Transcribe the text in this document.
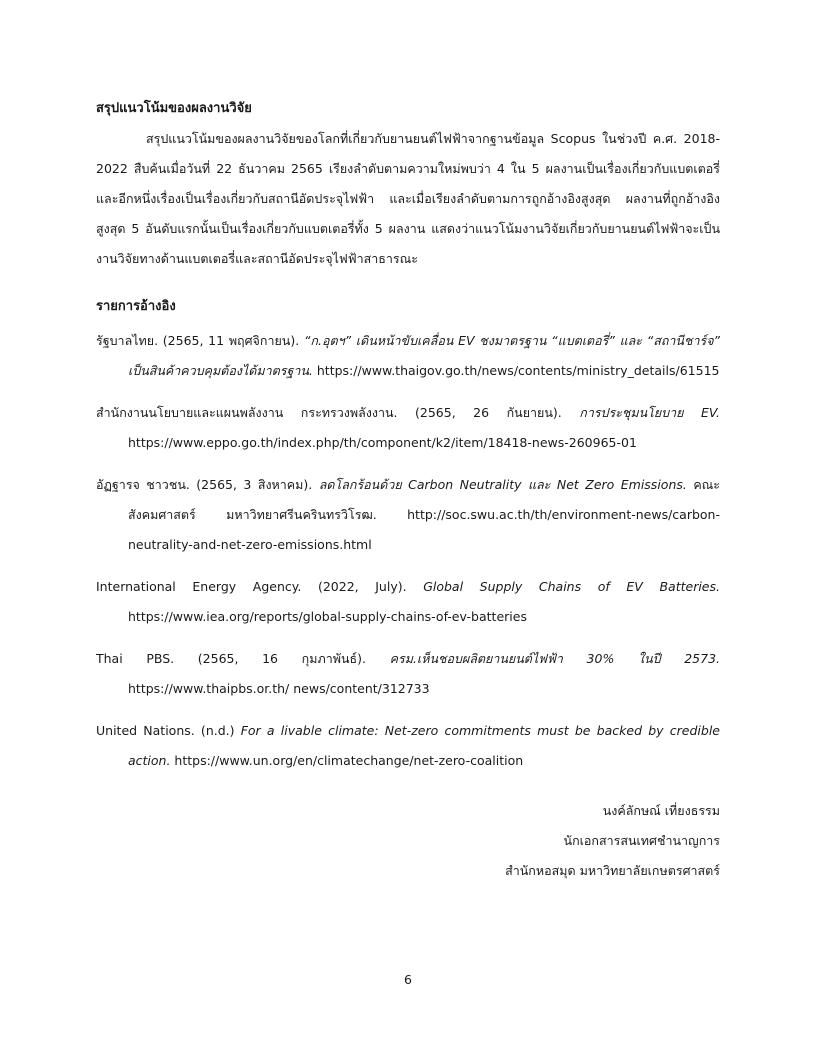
สรุปแนวโน้มของผลงานวิจัย

สรุปแนวโน้มของผลงานวิจัยของโลกที่เกี่ยวกับยานยนต์ไฟฟ้าจากฐานข้อมูล Scopus ในช่วงปี ค.ศ. 2018-2022 สืบค้นเมื่อวันที่ 22 ธันวาคม 2565 เรียงลำดับตามความใหม่พบว่า 4 ใน 5 ผลงานเป็นเรื่องเกี่ยวกับแบตเตอรี่ และอีกหนึ่งเรื่องเป็นเรื่องเกี่ยวกับสถานีอัดประจุไฟฟ้า และเมื่อเรียงลำดับตามการถูกอ้างอิงสูงสุด ผลงานที่ถูกอ้างอิงสูงสุด 5 อันดับแรกนั้นเป็นเรื่องเกี่ยวกับแบตเตอรี่ทั้ง 5 ผลงาน แสดงว่าแนวโน้มงานวิจัยเกี่ยวกับยานยนต์ไฟฟ้าจะเป็นงานวิจัยทางด้านแบตเตอรี่และสถานีอัดประจุไฟฟ้าสาธารณะ

รายการอ้างอิง

รัฐบาลไทย. (2565, 11 พฤศจิกายน). “ก.อุตฯ” เดินหน้าขับเคลื่อน EV ชงมาตรฐาน “แบตเตอรี่” และ “สถานีชาร์จ” เป็นสินค้าควบคุมต้องได้มาตรฐาน. https://www.thaigov.go.th/news/contents/ministry_details/61515

สำนักงานนโยบายและแผนพลังงาน กระทรวงพลังงาน. (2565, 26 กันยายน). การประชุมนโยบาย EV. https://www.eppo.go.th/index.php/th/component/k2/item/18418-news-260965-01

อัฏฐารจ ชาวชน. (2565, 3 สิงหาคม). ลดโลกร้อนด้วย Carbon Neutrality และ Net Zero Emissions. คณะสังคมศาสตร์ มหาวิทยาศรีนครินทรวิโรฒ. http://soc.swu.ac.th/th/environment-news/carbon-neutrality-and-net-zero-emissions.html

International Energy Agency. (2022, July). Global Supply Chains of EV Batteries. https://www.iea.org/reports/global-supply-chains-of-ev-batteries

Thai PBS. (2565, 16 กุมภาพันธ์). ครม.เห็นชอบผลิตยานยนต์ไฟฟ้า 30% ในปี 2573. https://www.thaipbs.or.th/ news/content/312733

United Nations. (n.d.) For a livable climate: Net-zero commitments must be backed by credible action. https://www.un.org/en/climatechange/net-zero-coalition

นงค์ลักษณ์ เที่ยงธรรม
นักเอกสารสนเทศชำนาญการ
สำนักหอสมุด มหาวิทยาลัยเกษตรศาสตร์
6
